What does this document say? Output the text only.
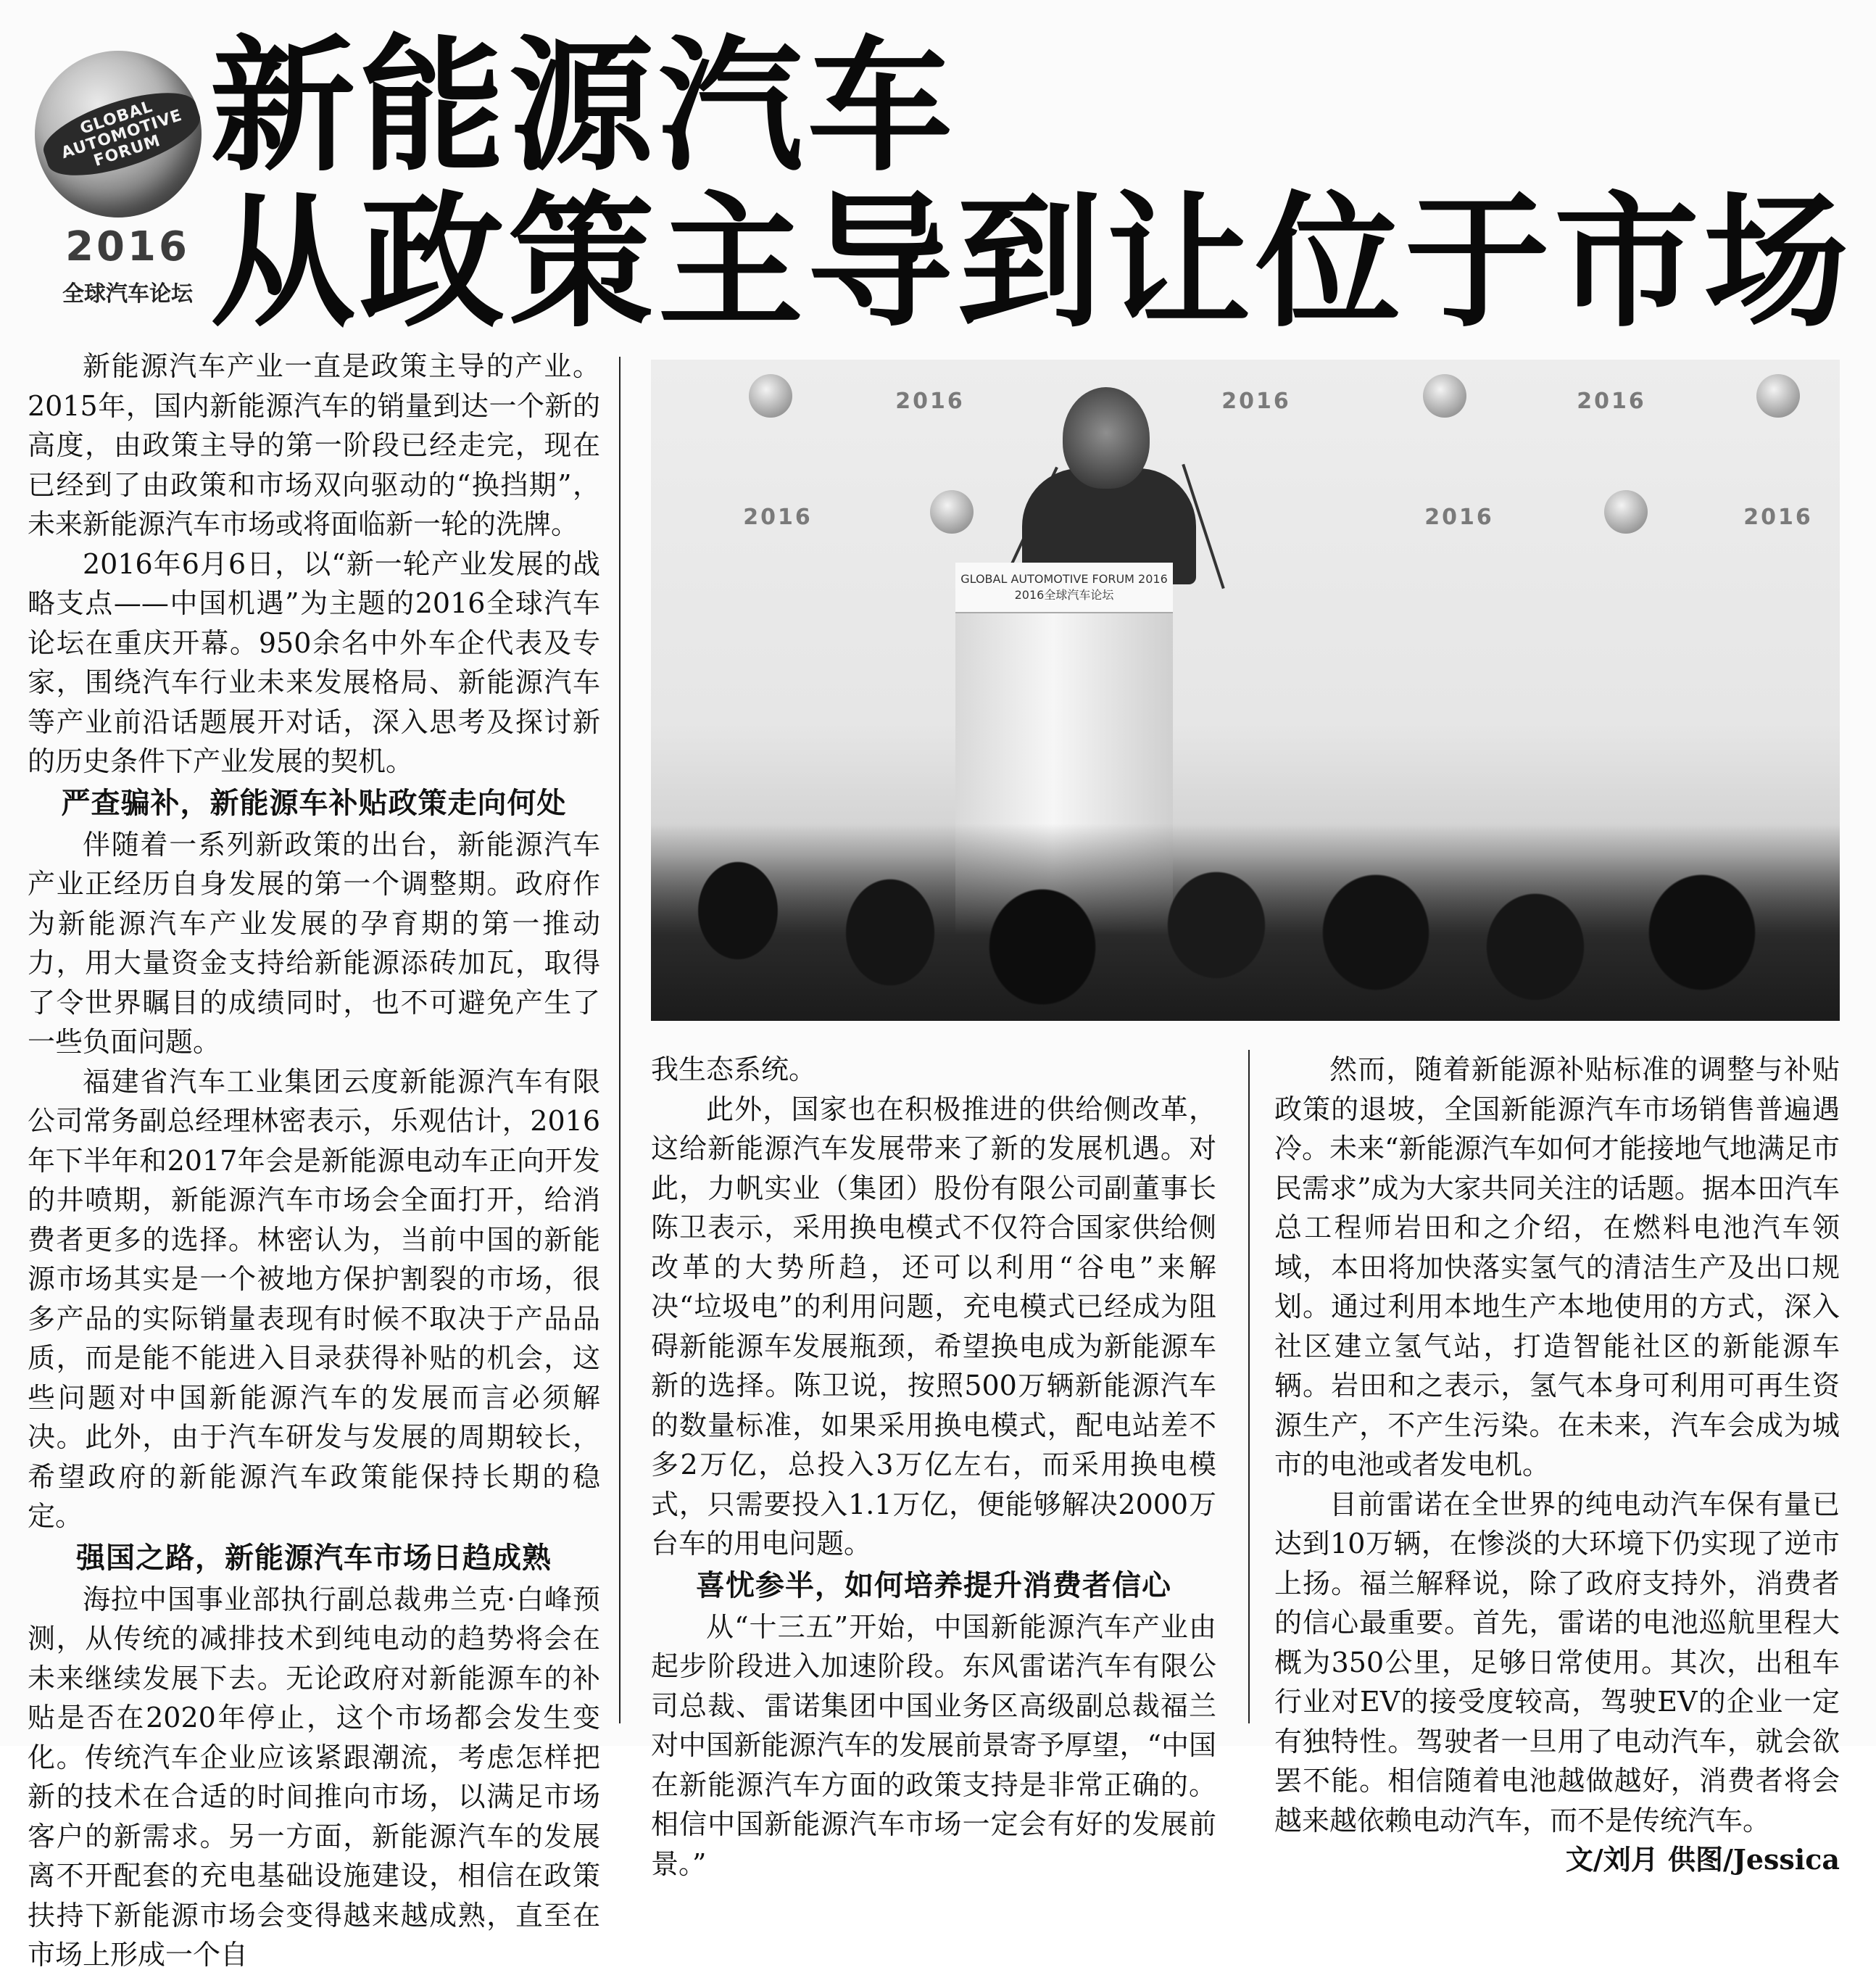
GLOBAL AUTOMOTIVE FORUM
2016
全球汽车论坛
新能源汽车
从政策主导到让位于市场

新能源汽车产业一直是政策主导的产业。2015年，国内新能源汽车的销量到达一个新的高度，由政策主导的第一阶段已经走完，现在已经到了由政策和市场双向驱动的“换挡期”，未来新能源汽车市场或将面临新一轮的洗牌。

2016年6月6日，以“新一轮产业发展的战略支点——中国机遇”为主题的2016全球汽车论坛在重庆开幕。950余名中外车企代表及专家，围绕汽车行业未来发展格局、新能源汽车等产业前沿话题展开对话，深入思考及探讨新的历史条件下产业发展的契机。

严查骗补，新能源车补贴政策走向何处

伴随着一系列新政策的出台，新能源汽车产业正经历自身发展的第一个调整期。政府作为新能源汽车产业发展的孕育期的第一推动力，用大量资金支持给新能源添砖加瓦，取得了令世界瞩目的成绩同时，也不可避免产生了一些负面问题。

福建省汽车工业集团云度新能源汽车有限公司常务副总经理林密表示，乐观估计，2016年下半年和2017年会是新能源电动车正向开发的井喷期，新能源汽车市场会全面打开，给消费者更多的选择。林密认为，当前中国的新能源市场其实是一个被地方保护割裂的市场，很多产品的实际销量表现有时候不取决于产品品质，而是能不能进入目录获得补贴的机会，这些问题对中国新能源汽车的发展而言必须解决。此外，由于汽车研发与发展的周期较长，希望政府的新能源汽车政策能保持长期的稳定。

强国之路，新能源汽车市场日趋成熟

海拉中国事业部执行副总裁弗兰克·白峰预测，从传统的减排技术到纯电动的趋势将会在未来继续发展下去。无论政府对新能源车的补贴是否在2020年停止，这个市场都会发生变化。传统汽车企业应该紧跟潮流，考虑怎样把新的技术在合适的时间推向市场，以满足市场客户的新需求。另一方面，新能源汽车的发展离不开配套的充电基础设施建设，相信在政策扶持下新能源市场会变得越来越成熟，直至在市场上形成一个自

2016	2016	2016
2016	2016	2016
GLOBAL AUTOMOTIVE FORUM 2016
2016全球汽车论坛

我生态系统。

此外，国家也在积极推进的供给侧改革，这给新能源汽车发展带来了新的发展机遇。对此，力帆实业（集团）股份有限公司副董事长陈卫表示，采用换电模式不仅符合国家供给侧改革的大势所趋，还可以利用“谷电”来解决“垃圾电”的利用问题，充电模式已经成为阻碍新能源车发展瓶颈，希望换电成为新能源车新的选择。陈卫说，按照500万辆新能源汽车的数量标准，如果采用换电模式，配电站差不多2万亿，总投入3万亿左右，而采用换电模式，只需要投入1.1万亿，便能够解决2000万台车的用电问题。

喜忧参半，如何培养提升消费者信心

从“十三五”开始，中国新能源汽车产业由起步阶段进入加速阶段。东风雷诺汽车有限公司总裁、雷诺集团中国业务区高级副总裁福兰对中国新能源汽车的发展前景寄予厚望，“中国在新能源汽车方面的政策支持是非常正确的。相信中国新能源汽车市场一定会有好的发展前景。”

然而，随着新能源补贴标准的调整与补贴政策的退坡，全国新能源汽车市场销售普遍遇冷。未来“新能源汽车如何才能接地气地满足市民需求”成为大家共同关注的话题。据本田汽车总工程师岩田和之介绍，在燃料电池汽车领域，本田将加快落实氢气的清洁生产及出口规划。通过利用本地生产本地使用的方式，深入社区建立氢气站，打造智能社区的新能源车辆。岩田和之表示，氢气本身可利用可再生资源生产，不产生污染。在未来，汽车会成为城市的电池或者发电机。

目前雷诺在全世界的纯电动汽车保有量已达到10万辆，在惨淡的大环境下仍实现了逆市上扬。福兰解释说，除了政府支持外，消费者的信心最重要。首先，雷诺的电池巡航里程大概为350公里，足够日常使用。其次，出租车行业对EV的接受度较高，驾驶EV的企业一定有独特性。驾驶者一旦用了电动汽车，就会欲罢不能。相信随着电池越做越好，消费者将会越来越依赖电动汽车，而不是传统汽车。

文/刘月 供图/Jessica
